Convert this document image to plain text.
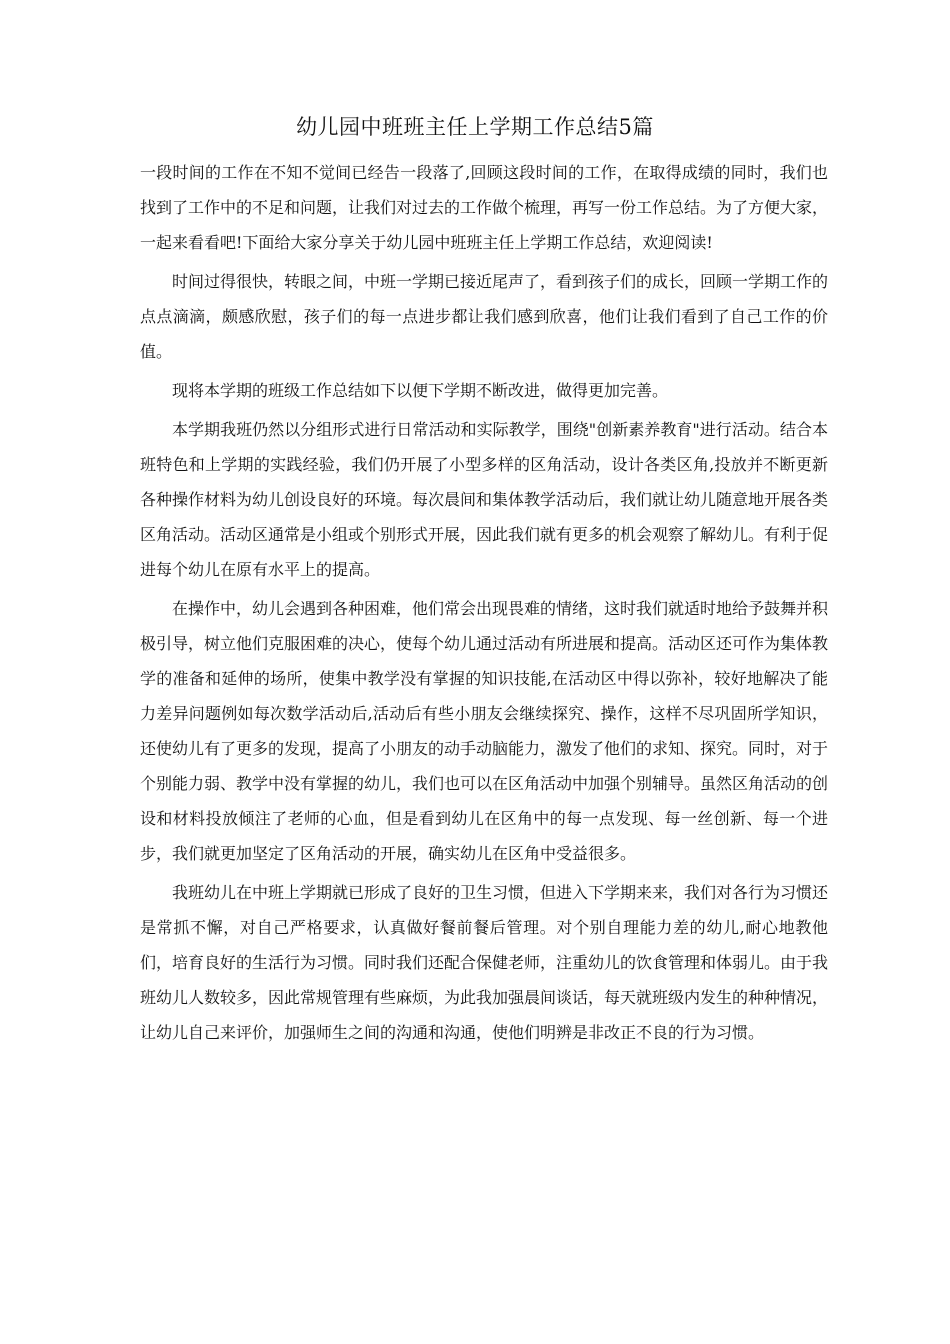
幼儿园中班班主任上学期工作总结5篇

一段时间的工作在不知不觉间已经告一段落了,回顾这段时间的工作，在取得成绩的同时，我们也找到了工作中的不足和问题，让我们对过去的工作做个梳理，再写一份工作总结。为了方便大家，一起来看看吧!下面给大家分享关于幼儿园中班班主任上学期工作总结，欢迎阅读!

时间过得很快，转眼之间，中班一学期已接近尾声了，看到孩子们的成长，回顾一学期工作的点点滴滴，颇感欣慰，孩子们的每一点进步都让我们感到欣喜，他们让我们看到了自己工作的价值。

现将本学期的班级工作总结如下以便下学期不断改进，做得更加完善。

本学期我班仍然以分组形式进行日常活动和实际教学，围绕"创新素养教育"进行活动。结合本班特色和上学期的实践经验，我们仍开展了小型多样的区角活动，设计各类区角,投放并不断更新各种操作材料为幼儿创设良好的环境。每次晨间和集体教学活动后，我们就让幼儿随意地开展各类区角活动。活动区通常是小组或个别形式开展，因此我们就有更多的机会观察了解幼儿。有利于促进每个幼儿在原有水平上的提高。

在操作中，幼儿会遇到各种困难，他们常会出现畏难的情绪，这时我们就适时地给予鼓舞并积极引导，树立他们克服困难的决心，使每个幼儿通过活动有所进展和提高。活动区还可作为集体教学的准备和延伸的场所，使集中教学没有掌握的知识技能,在活动区中得以弥补，较好地解决了能力差异问题例如每次数学活动后,活动后有些小朋友会继续探究、操作，这样不尽巩固所学知识，还使幼儿有了更多的发现，提高了小朋友的动手动脑能力，激发了他们的求知、探究。同时，对于个别能力弱、教学中没有掌握的幼儿，我们也可以在区角活动中加强个别辅导。虽然区角活动的创设和材料投放倾注了老师的心血，但是看到幼儿在区角中的每一点发现、每一丝创新、每一个进步，我们就更加坚定了区角活动的开展，确实幼儿在区角中受益很多。

我班幼儿在中班上学期就已形成了良好的卫生习惯，但进入下学期来来，我们对各行为习惯还是常抓不懈，对自己严格要求，认真做好餐前餐后管理。对个别自理能力差的幼儿,耐心地教他们，培育良好的生活行为习惯。同时我们还配合保健老师，注重幼儿的饮食管理和体弱儿。由于我班幼儿人数较多，因此常规管理有些麻烦，为此我加强晨间谈话，每天就班级内发生的种种情况，让幼儿自己来评价，加强师生之间的沟通和沟通，使他们明辨是非改正不良的行为习惯。
